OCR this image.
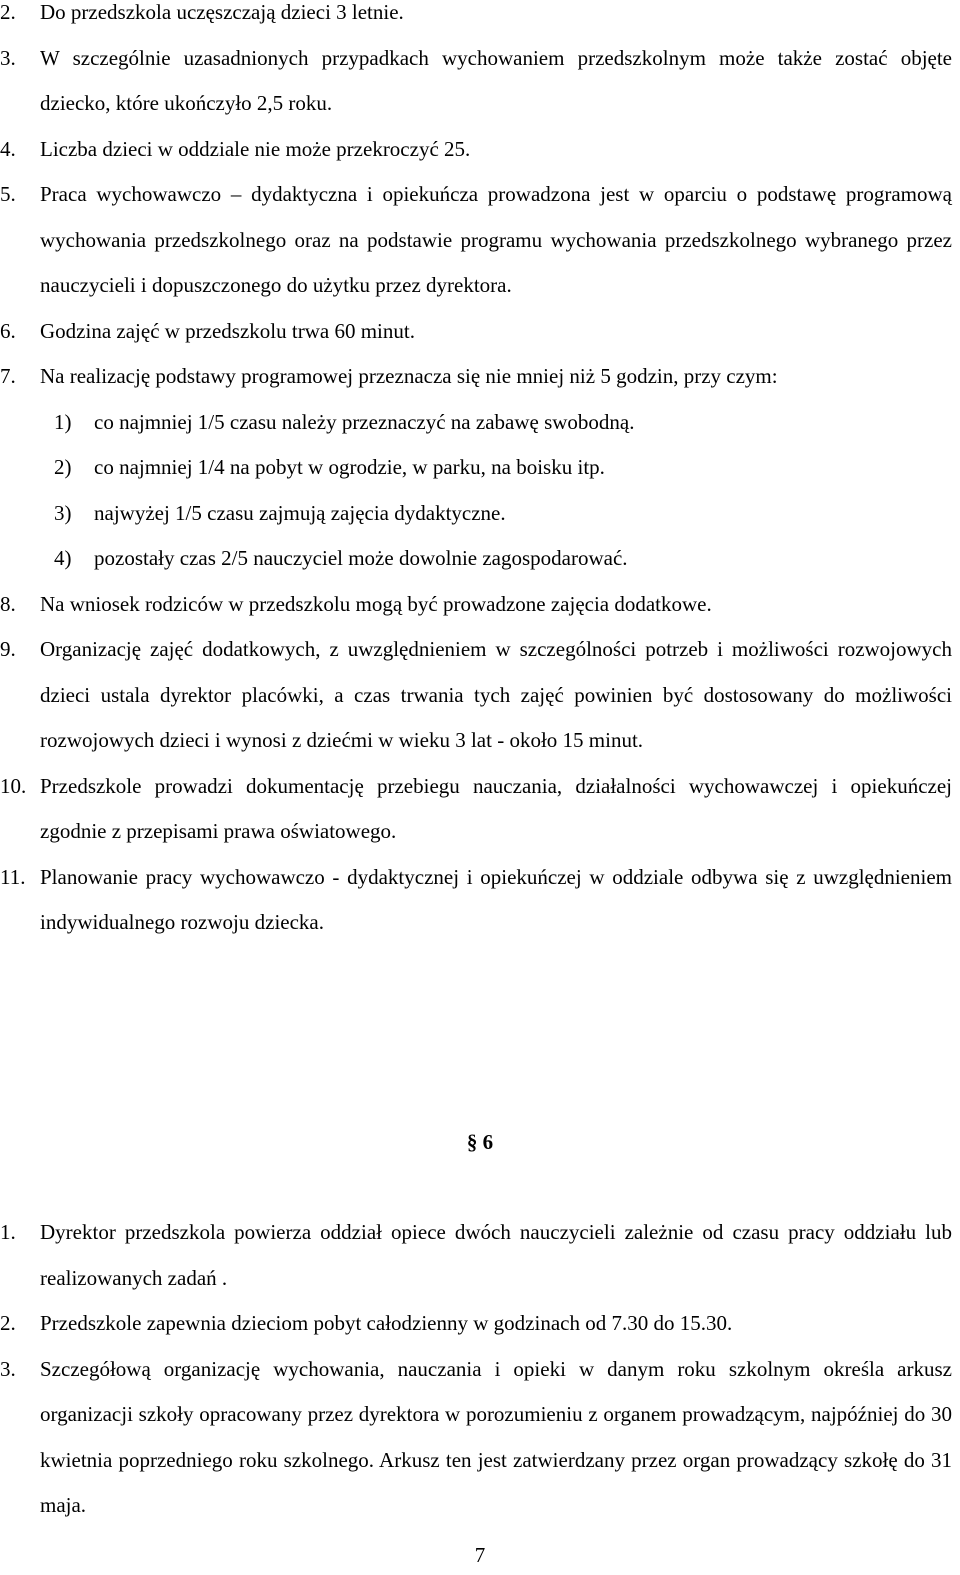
2.	Do przedszkola uczęszczają dzieci 3 letnie.
3.	W szczególnie uzasadnionych przypadkach wychowaniem przedszkolnym może także zostać objęte dziecko, które ukończyło 2,5 roku.
4.	Liczba dzieci w oddziale nie może przekroczyć 25.
5.	Praca wychowawczo – dydaktyczna i opiekuńcza prowadzona jest w oparciu o podstawę programową wychowania przedszkolnego oraz na podstawie programu wychowania przedszkolnego wybranego przez nauczycieli i dopuszczonego do użytku przez dyrektora.
6.	Godzina zajęć w przedszkolu trwa 60 minut.
7.	Na realizację podstawy programowej przeznacza się nie mniej niż 5 godzin, przy czym:
1) co najmniej 1/5 czasu należy przeznaczyć na zabawę swobodną.
2) co najmniej 1/4 na pobyt w ogrodzie, w parku, na boisku itp.
3) najwyżej 1/5 czasu zajmują zajęcia dydaktyczne.
4) pozostały czas 2/5 nauczyciel może dowolnie zagospodarować.
8.	Na wniosek rodziców w przedszkolu mogą być prowadzone zajęcia dodatkowe.
9.	Organizację zajęć dodatkowych, z uwzględnieniem w szczególności potrzeb i możliwości rozwojowych dzieci ustala dyrektor placówki, a czas trwania tych zajęć powinien być dostosowany do możliwości rozwojowych dzieci i wynosi z dziećmi w wieku 3 lat - około 15 minut.
10. Przedszkole prowadzi dokumentację przebiegu nauczania, działalności wychowawczej i opiekuńczej zgodnie z przepisami prawa oświatowego.
11. Planowanie pracy wychowawczo - dydaktycznej i opiekuńczej w oddziale odbywa się z uwzględnieniem indywidualnego rozwoju dziecka.
§ 6
1.	Dyrektor przedszkola powierza oddział opiece dwóch nauczycieli zależnie od czasu pracy oddziału lub realizowanych zadań .
2.	Przedszkole zapewnia dzieciom pobyt całodzienny w godzinach od 7.30 do 15.30.
3.	Szczegółową organizację wychowania, nauczania i opieki w danym roku szkolnym określa arkusz organizacji szkoły opracowany przez dyrektora w porozumieniu z organem prowadzącym, najpóźniej do 30 kwietnia poprzedniego roku szkolnego. Arkusz ten jest zatwierdzany przez organ prowadzący szkołę do 31 maja.
7
